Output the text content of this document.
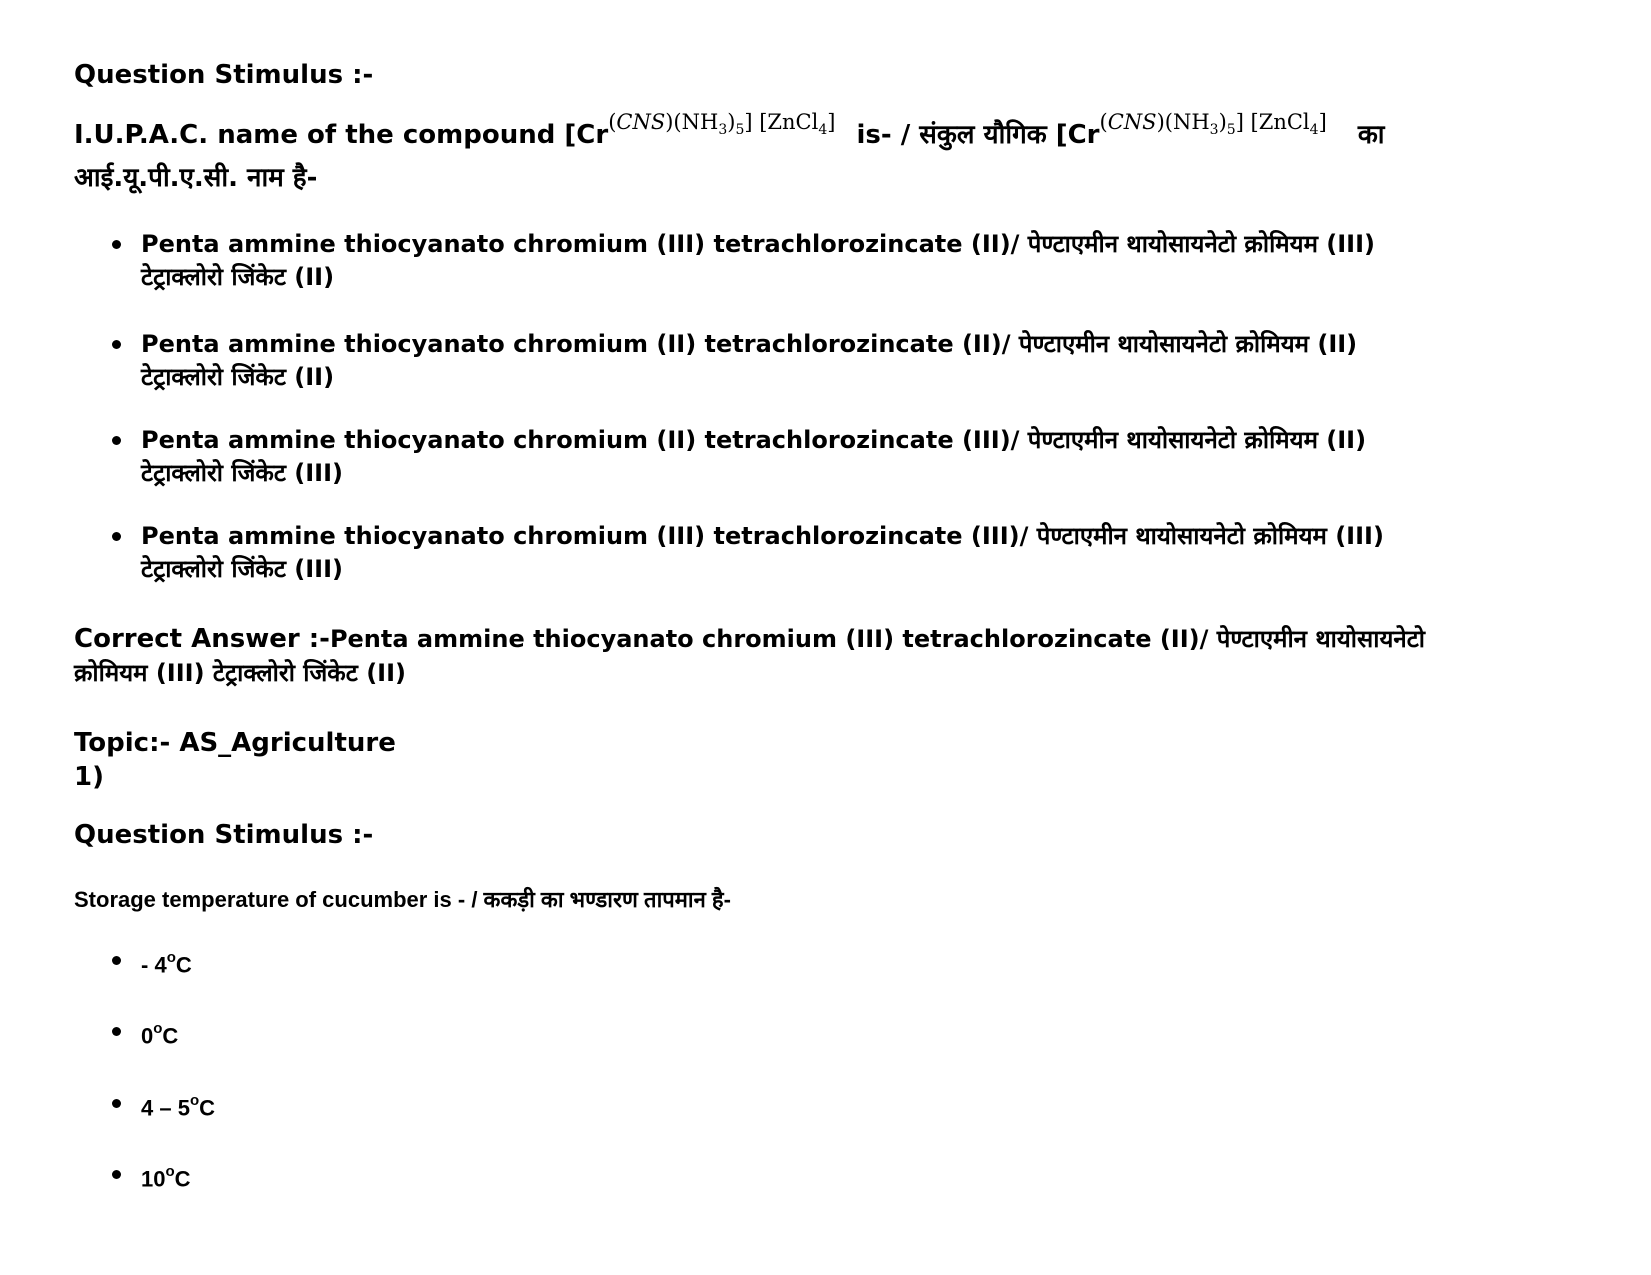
Question Stimulus :-
I.U.P.A.C. name of the compound [$Cr^{(CNS)(NH_3)_5] [ZnCl_4]}$ is- / संकुल यौगिक [$Cr^{(CNS)(NH_3)_5] [ZnCl_4]}$ का
आई.यू.पी.ए.सी. नाम है-
Penta ammine thiocyanato chromium (III) tetrachlorozincate (II)/ पेण्टाएमीन थायोसायनेटो क्रोमियम (III)
टेट्राक्लोरो जिंकेट (II)
Penta ammine thiocyanato chromium (II) tetrachlorozincate (II)/ पेण्टाएमीन थायोसायनेटो क्रोमियम (II)
टेट्राक्लोरो जिंकेट (II)
Penta ammine thiocyanato chromium (II) tetrachlorozincate (III)/ पेण्टाएमीन थायोसायनेटो क्रोमियम (II)
टेट्राक्लोरो जिंकेट (III)
Penta ammine thiocyanato chromium (III) tetrachlorozincate (III)/ पेण्टाएमीन थायोसायनेटो क्रोमियम (III)
टेट्राक्लोरो जिंकेट (III)
Correct Answer :-Penta ammine thiocyanato chromium (III) tetrachlorozincate (II)/ पेण्टाएमीन थायोसायनेटो
क्रोमियम (III) टेट्राक्लोरो जिंकेट (II)
Topic:- AS_Agriculture
1)
Question Stimulus :-
Storage temperature of cucumber is - / ककड़ी का भण्डारण तापमान है-
- 4$^o$C
0$^o$C
4 – 5$^o$C
10$^o$C
